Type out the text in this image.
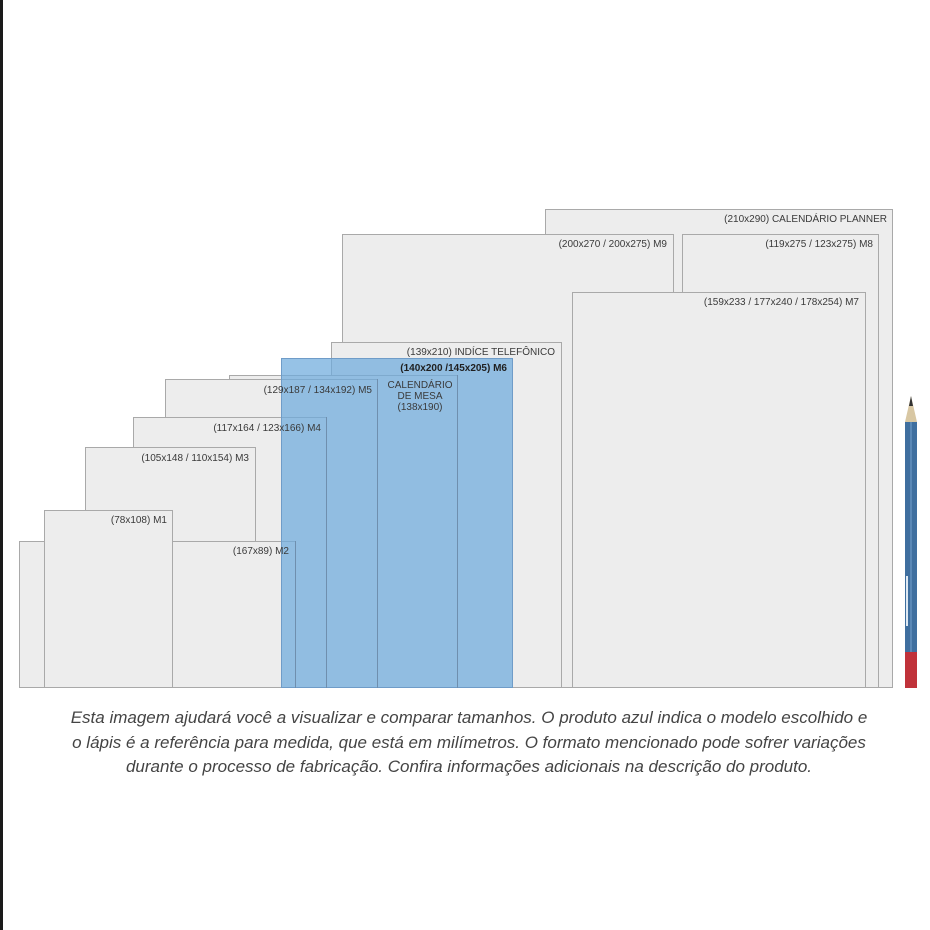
(210x290) CALENDÁRIO PLANNER
(200x270 / 200x275) M9	(119x275 / 123x275) M8
(159x233 / 177x240 / 178x254) M7
(139x210) INDÍCE TELEFÔNICO
(140x200 /145x205) M6
(129x187 / 134x192) M5	CALENDÁRIO
DE MESA
(138x190)
(117x164 / 123x166) M4
(105x148 / 110x154) M3
(78x108) M1
(167x89) M2
Esta imagem ajudará você a visualizar e comparar tamanhos. O produto azul indica o modelo escolhido e
o lápis é a referência para medida, que está em milímetros. O formato mencionado pode sofrer variações
durante o processo de fabricação. Confira informações adicionais na descrição do produto.
